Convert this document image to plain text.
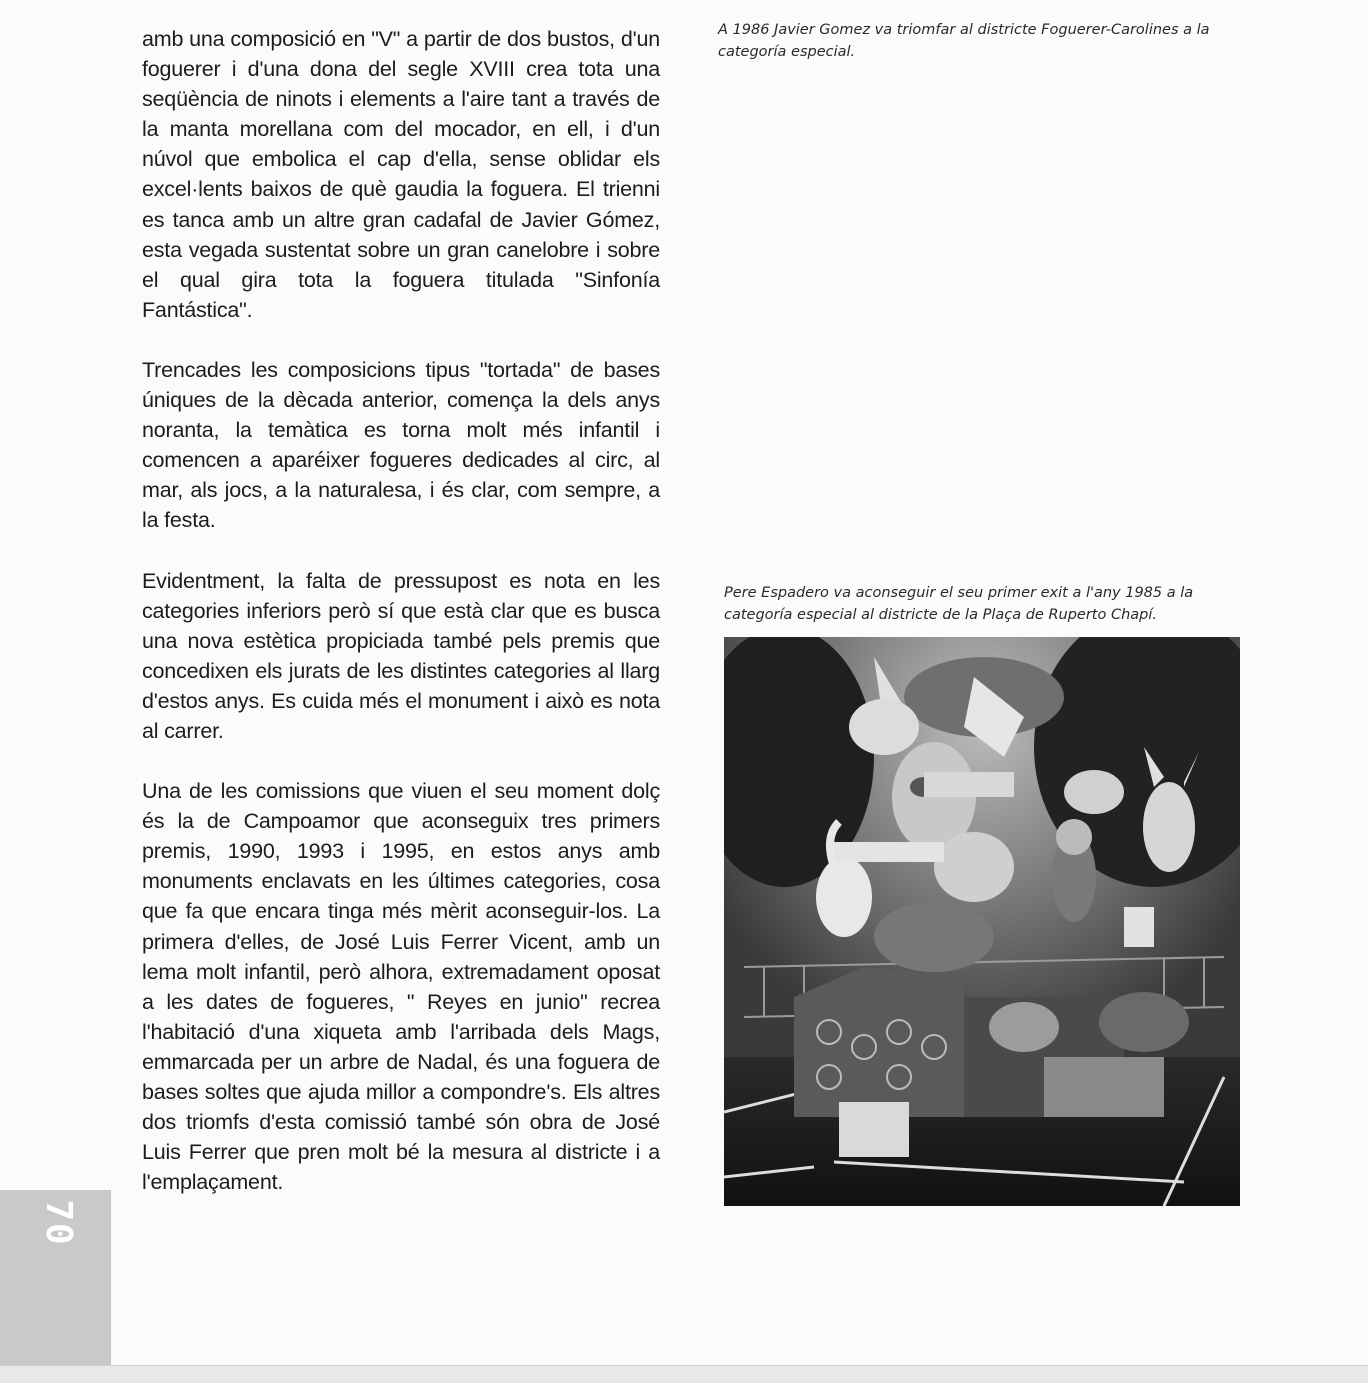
amb una composició en "V" a partir de dos bustos, d'un foguerer i d'una dona del segle XVIII crea tota una seqüència de ninots i elements a l'aire tant a través de la manta morellana com del mocador, en ell, i d'un núvol que embolica el cap d'ella, sense oblidar els excel·lents baixos de què gaudia la foguera. El trienni es tanca amb un altre gran cadafal de Javier Gómez, esta vegada sustentat sobre un gran canelobre i sobre el qual gira tota la foguera titulada "Sinfonía Fantástica".

Trencades les composicions tipus "tortada" de bases úniques de la dècada anterior, comença la dels anys noranta, la temàtica es torna molt més infantil i comencen a aparéixer fogueres dedicades al circ, al mar, als jocs, a la naturalesa, i és clar, com sempre, a la festa.

Evidentment, la falta de pressupost es nota en les categories inferiors però sí que està clar que es busca una nova estètica propiciada també pels premis que concedixen els jurats de les distintes categories al llarg d'estos anys. Es cuida més el monument i això es nota al carrer.

Una de les comissions que viuen el seu moment dolç és la de Campoamor que aconseguix tres primers premis, 1990, 1993 i 1995, en estos anys amb monuments enclavats en les últimes categories, cosa que fa que encara tinga més mèrit aconseguir-los. La primera d'elles, de José Luis Ferrer Vicent, amb un lema molt infantil, però alhora, extremadament oposat a les dates de fogueres, " Reyes en junio" recrea l'habitació d'una xiqueta amb l'arribada dels Mags, emmarcada per un arbre de Nadal, és una foguera de bases soltes que ajuda millor a compondre's. Els altres dos triomfs d'esta comissió també són obra de José Luis Ferrer que pren molt bé la mesura al districte i a l'emplaçament.

A 1986 Javier Gomez va triomfar al districte Foguerer-Carolines a la categoría especial.

Pere Espadero va aconseguir el seu primer exit a l'any 1985 a la categoría especial al districte de la Plaça de Ruperto Chapí.

70
